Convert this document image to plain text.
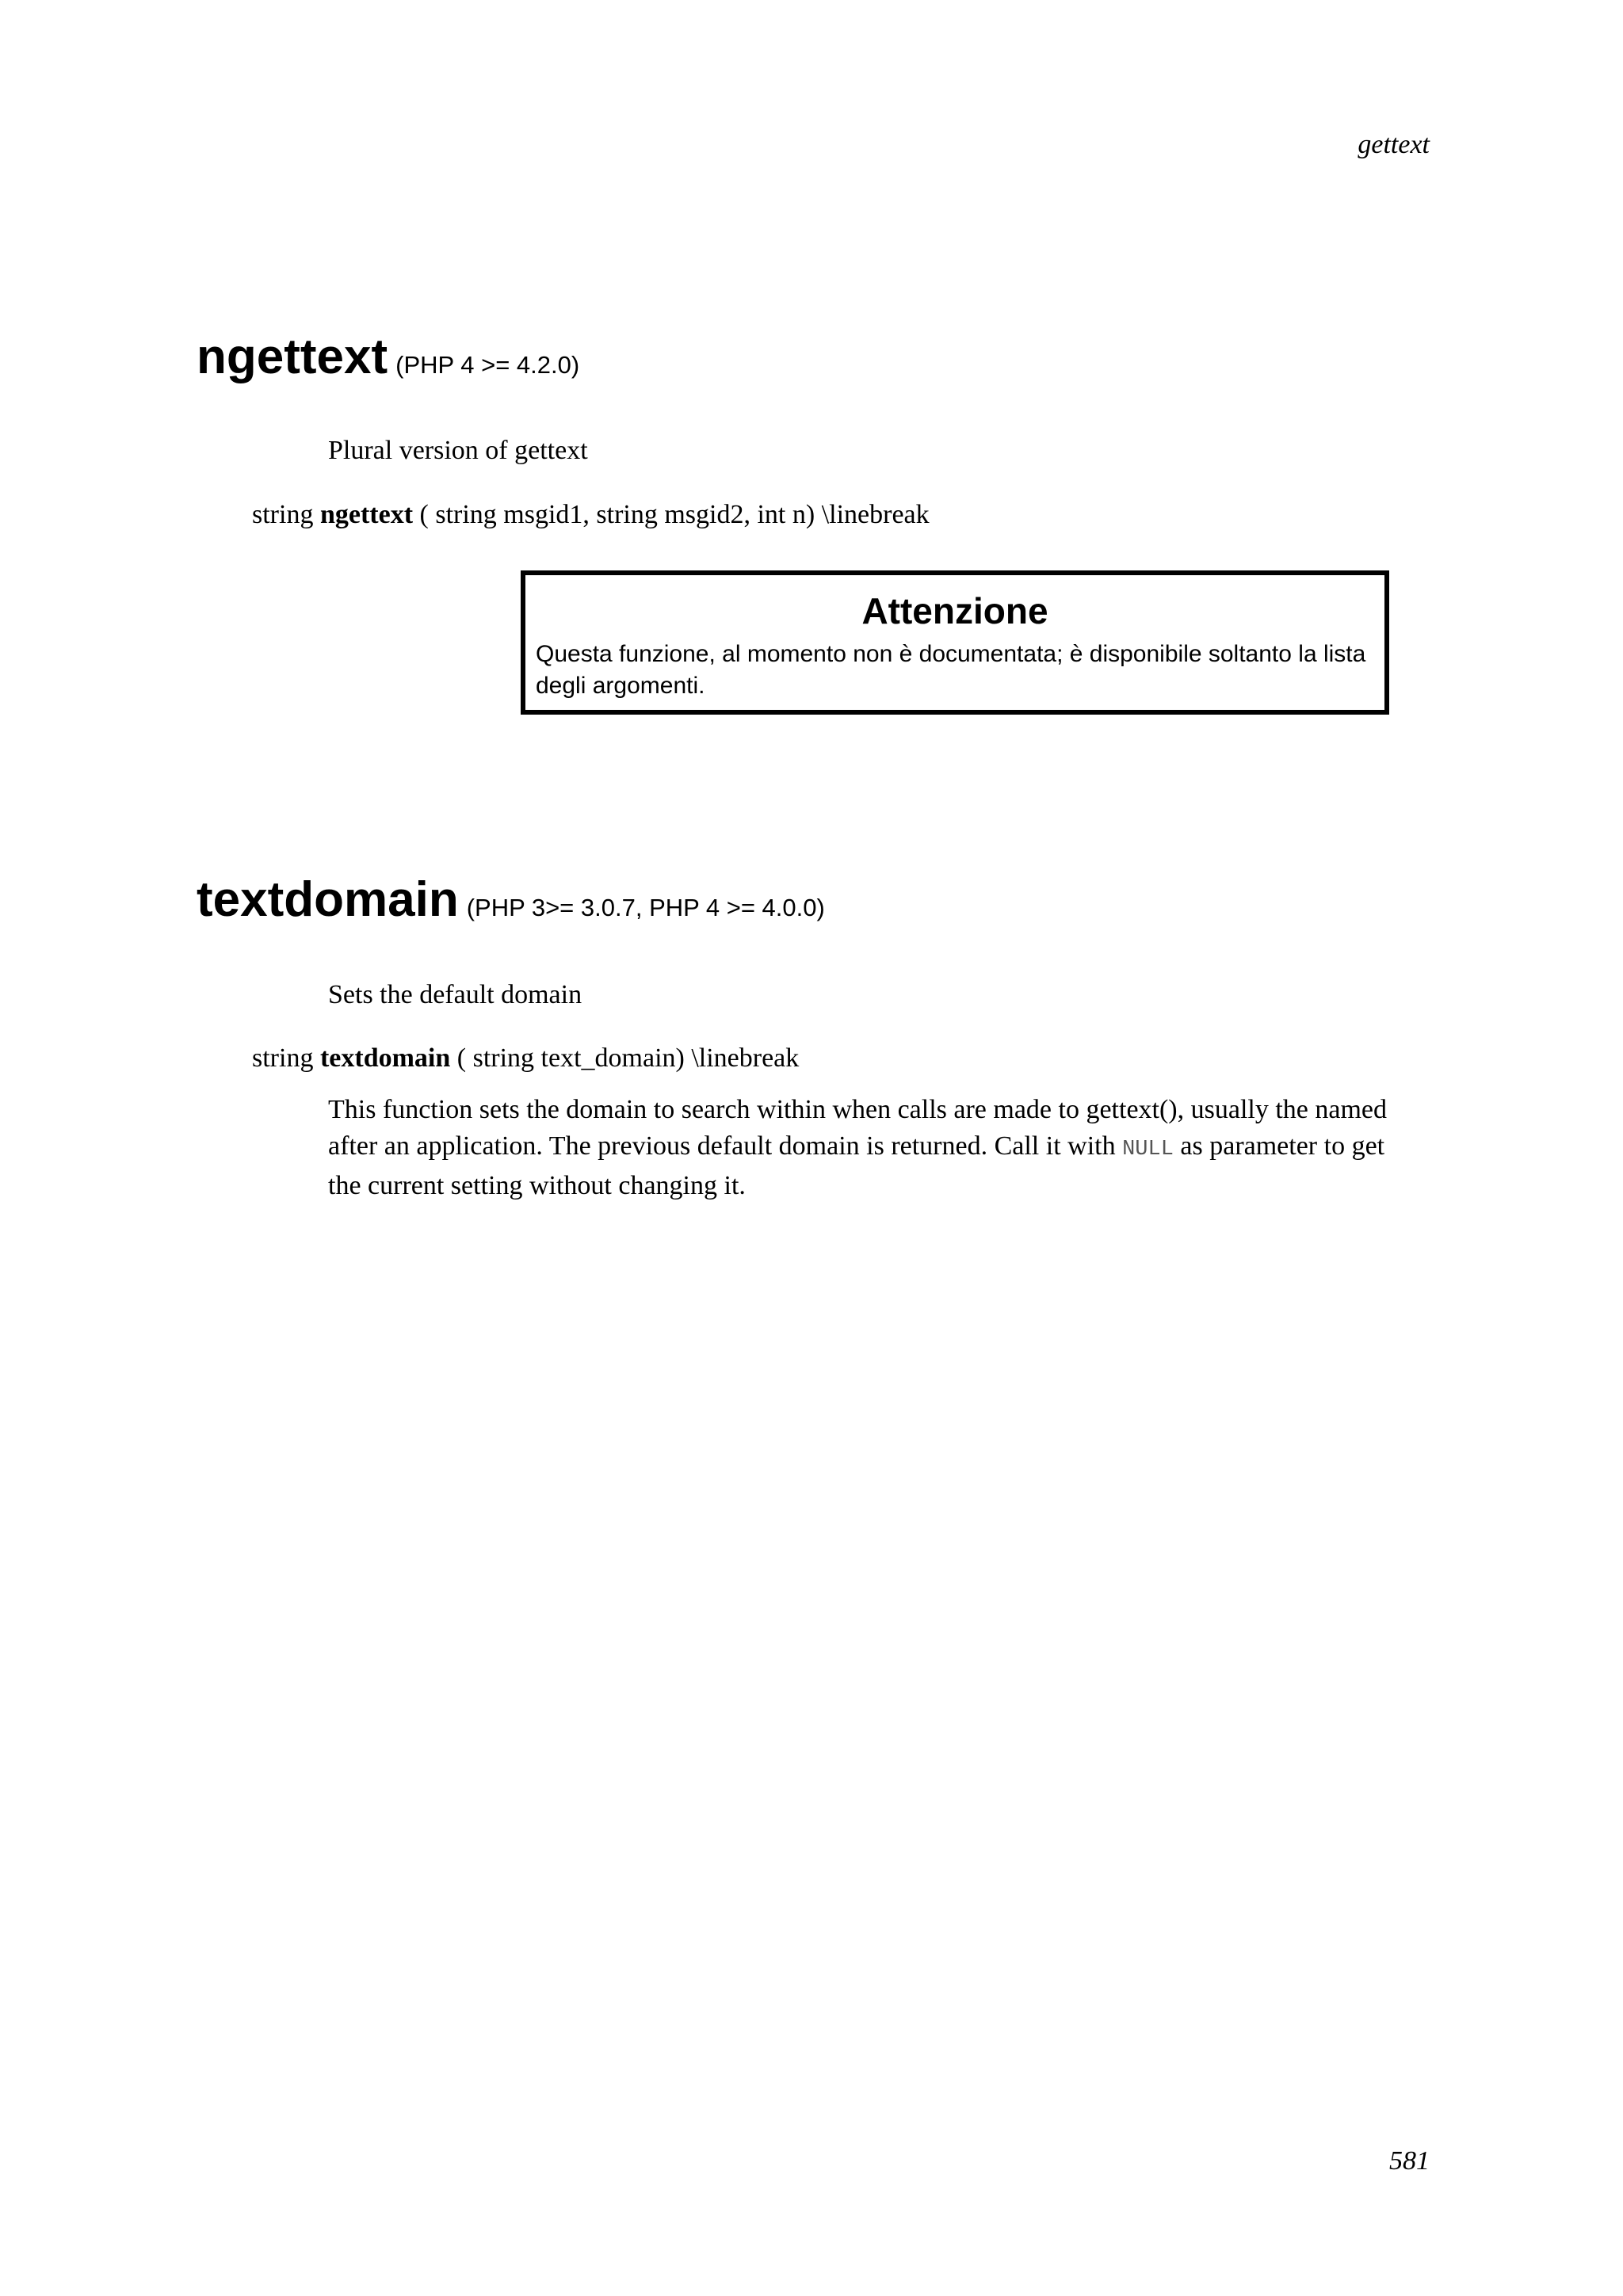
gettext
ngettext (PHP 4 >= 4.2.0)
Plural version of gettext
string ngettext ( string msgid1, string msgid2, int n) \linebreak
Attenzione
Questa funzione, al momento non è documentata; è disponibile soltanto la lista degli argomenti.
textdomain (PHP 3>= 3.0.7, PHP 4 >= 4.0.0)
Sets the default domain
string textdomain ( string text_domain) \linebreak
This function sets the domain to search within when calls are made to gettext(), usually the named after an application. The previous default domain is returned. Call it with NULL as parameter to get the current setting without changing it.
581
